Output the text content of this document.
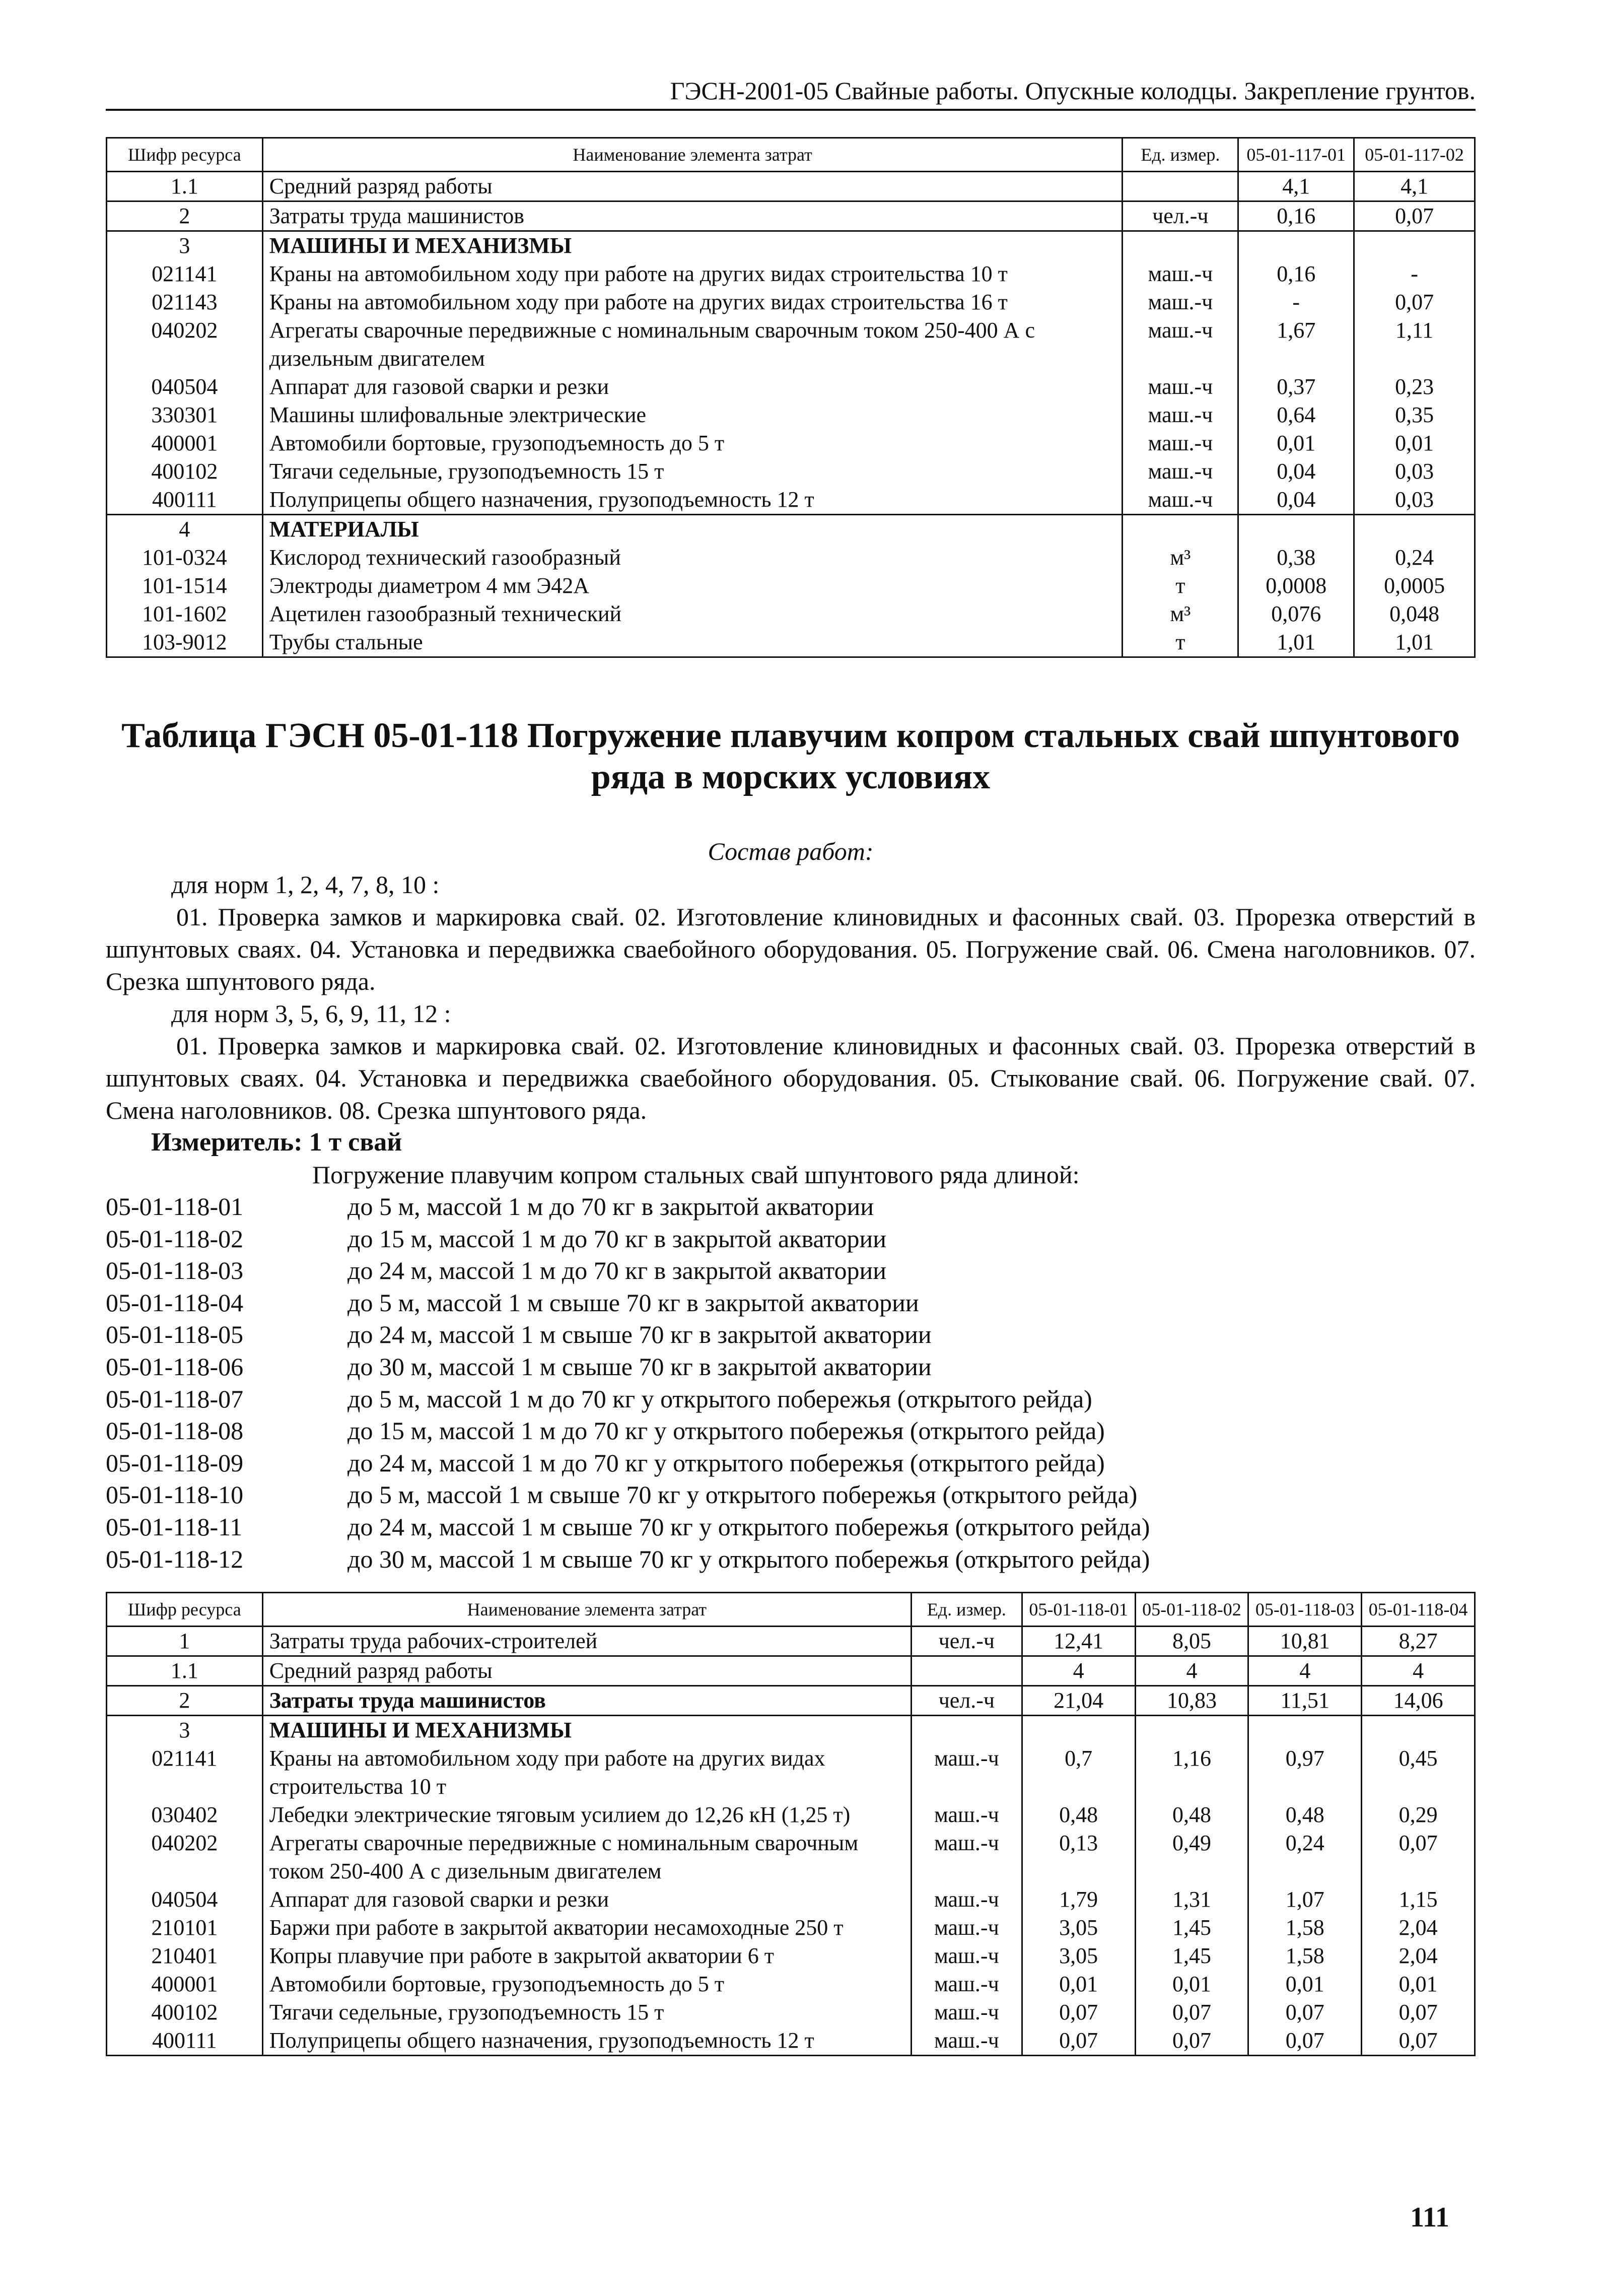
ГЭСН-2001-05 Свайные работы. Опускные колодцы. Закрепление грунтов.
Шифр ресурса	Наименование элемента затрат	Ед. измер.	05-01-117-01	05-01-117-02
1.1	Средний разряд работы		4,1	4,1
2	Затраты труда машинистов	чел.-ч	0,16	0,07
3	МАШИНЫ И МЕХАНИЗМЫ			
021141	Краны на автомобильном ходу при работе на других видах строительства 10 т	маш.-ч	0,16	-
021143	Краны на автомобильном ходу при работе на других видах строительства 16 т	маш.-ч	-	0,07
040202	Агрегаты сварочные передвижные с номинальным сварочным током 250-400 А с дизельным двигателем	маш.-ч	1,67	1,11
040504	Аппарат для газовой сварки и резки	маш.-ч	0,37	0,23
330301	Машины шлифовальные электрические	маш.-ч	0,64	0,35
400001	Автомобили бортовые, грузоподъемность до 5 т	маш.-ч	0,01	0,01
400102	Тягачи седельные, грузоподъемность 15 т	маш.-ч	0,04	0,03
400111	Полуприцепы общего назначения, грузоподъемность 12 т	маш.-ч	0,04	0,03
4	МАТЕРИАЛЫ			
101-0324	Кислород технический газообразный	м³	0,38	0,24
101-1514	Электроды диаметром 4 мм Э42А	т	0,0008	0,0005
101-1602	Ацетилен газообразный технический	м³	0,076	0,048
103-9012	Трубы стальные	т	1,01	1,01
Таблица ГЭСН 05-01-118 Погружение плавучим копром стальных свай шпунтового ряда в морских условиях
Состав работ:
для норм 1, 2, 4, 7, 8, 10 :
01. Проверка замков и маркировка свай. 02. Изготовление клиновидных и фасонных свай. 03. Прорезка отверстий в шпунтовых сваях. 04. Установка и передвижка сваебойного оборудования. 05. Погружение свай. 06. Смена наголовников. 07. Срезка шпунтового ряда.
для норм 3, 5, 6, 9, 11, 12 :
01. Проверка замков и маркировка свай. 02. Изготовление клиновидных и фасонных свай. 03. Прорезка отверстий в шпунтовых сваях. 04. Установка и передвижка сваебойного оборудования. 05. Стыкование свай. 06. Погружение свай. 07. Смена наголовников. 08. Срезка шпунтового ряда.
Измеритель: 1 т свай
Погружение плавучим копром стальных свай шпунтового ряда длиной:
05-01-118-01	до 5 м, массой 1 м до 70 кг в закрытой акватории
05-01-118-02	до 15 м, массой 1 м до 70 кг в закрытой акватории
05-01-118-03	до 24 м, массой 1 м до 70 кг в закрытой акватории
05-01-118-04	до 5 м, массой 1 м свыше 70 кг в закрытой акватории
05-01-118-05	до 24 м, массой 1 м свыше 70 кг в закрытой акватории
05-01-118-06	до 30 м, массой 1 м свыше 70 кг в закрытой акватории
05-01-118-07	до 5 м, массой 1 м до 70 кг у открытого побережья (открытого рейда)
05-01-118-08	до 15 м, массой 1 м до 70 кг у открытого побережья (открытого рейда)
05-01-118-09	до 24 м, массой 1 м до 70 кг у открытого побережья (открытого рейда)
05-01-118-10	до 5 м, массой 1 м свыше 70 кг у открытого побережья (открытого рейда)
05-01-118-11	до 24 м, массой 1 м свыше 70 кг у открытого побережья (открытого рейда)
05-01-118-12	до 30 м, массой 1 м свыше 70 кг у открытого побережья (открытого рейда)
Шифр ресурса	Наименование элемента затрат	Ед. измер.	05-01-118-01	05-01-118-02	05-01-118-03	05-01-118-04
1	Затраты труда рабочих-строителей	чел.-ч	12,41	8,05	10,81	8,27
1.1	Средний разряд работы		4	4	4	4
2	Затраты труда машинистов	чел.-ч	21,04	10,83	11,51	14,06
3	МАШИНЫ И МЕХАНИЗМЫ					
021141	Краны на автомобильном ходу при работе на других видах строительства 10 т	маш.-ч	0,7	1,16	0,97	0,45
030402	Лебедки электрические тяговым усилием до 12,26 кН (1,25 т)	маш.-ч	0,48	0,48	0,48	0,29
040202	Агрегаты сварочные передвижные с номинальным сварочным током 250-400 А с дизельным двигателем	маш.-ч	0,13	0,49	0,24	0,07
040504	Аппарат для газовой сварки и резки	маш.-ч	1,79	1,31	1,07	1,15
210101	Баржи при работе в закрытой акватории несамоходные 250 т	маш.-ч	3,05	1,45	1,58	2,04
210401	Копры плавучие при работе в закрытой акватории 6 т	маш.-ч	3,05	1,45	1,58	2,04
400001	Автомобили бортовые, грузоподъемность до 5 т	маш.-ч	0,01	0,01	0,01	0,01
400102	Тягачи седельные, грузоподъемность 15 т	маш.-ч	0,07	0,07	0,07	0,07
400111	Полуприцепы общего назначения, грузоподъемность 12 т	маш.-ч	0,07	0,07	0,07	0,07
111
